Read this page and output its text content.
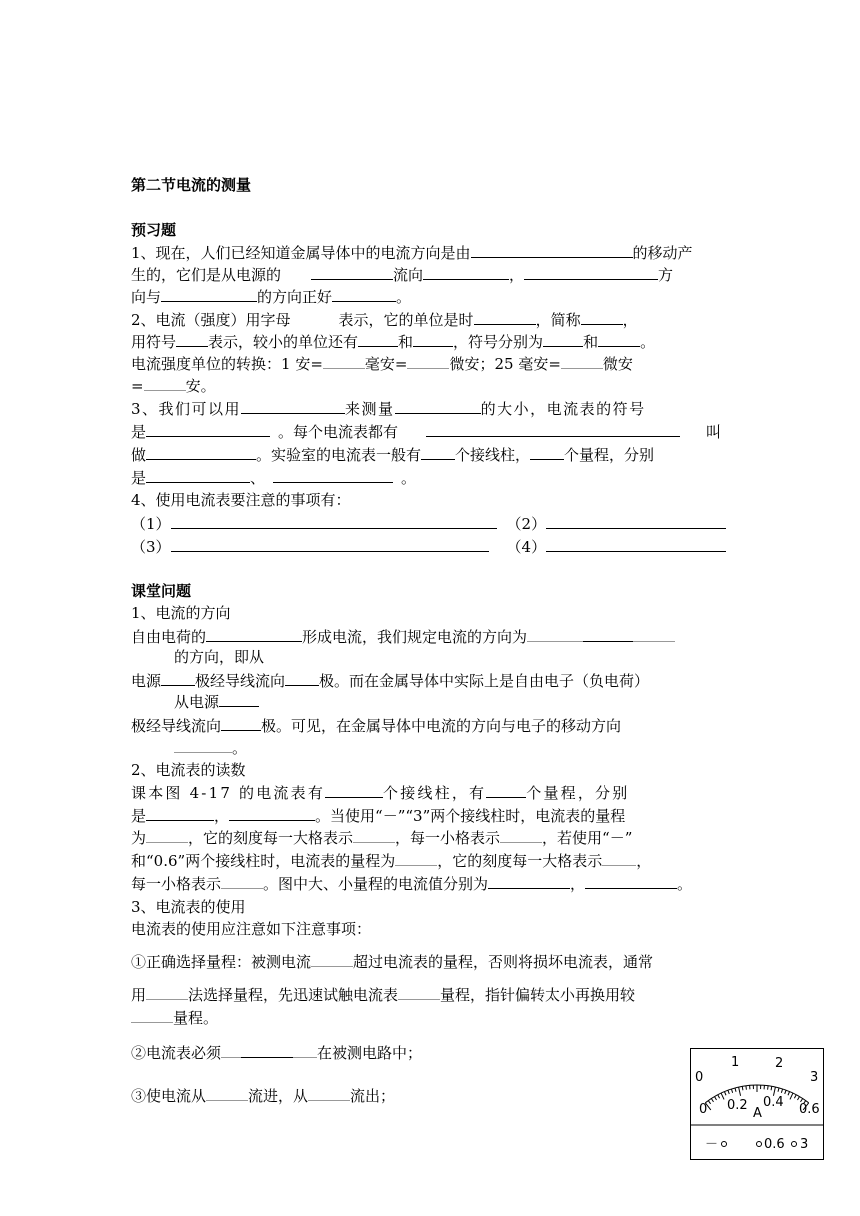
第二节电流的测量
预习题
1、现在，人们已经知道金属导体中的电流方向是由	的移动产
生的，它们是从电源的	流向	，	方
向与	的方向正好	。
2、电流（强度）用字母	表示，它的单位是时	，简称	，
用符号 表示，较小的单位还有	和	，符号分别为	和	。
电流强度单位的转换：1 安=	毫安=	微安；25 毫安=	微安
=	安。
3、我们可以用	来测量	的大小，电流表的符号
是	。每个电流表都有	叫
做	。实验室的电流表一般有 个接线柱， 个量程，分别
是	、	。
4、使用电流表要注意的事项有：
（1）	（2）
（3）	（4）
课堂问题
1、电流的方向
自由电荷的	形成电流，我们规定电流的方向为
的方向，即从
电源 极经导线流向 极。而在金属导体中实际上是自由电子（负电荷）
从电源
极经导线流向	极。可见，在金属导体中电流的方向与电子的移动方向
。
2、电流表的读数
课本图 4-17 的电流表有	个接线柱，有	个量程，分别
是	，	。当使用“－”“3”两个接线柱时，电流表的量程
为	，它的刻度每一大格表示	，每一小格表示	，若使用“－”
和“0.6”两个接线柱时，电流表的量程为	，它的刻度每一大格表示 ，
每一小格表示	。图中大、小量程的电流值分别为	，	。
3、电流表的使用
电流表的使用应注意如下注意事项：
①正确选择量程：被测电流	超过电流表的量程，否则将损坏电流表，通常
用	法选择量程，先迅速试触电流表	量程，指针偏转太小再换用较
量程。
②电流表必须	在被测电路中；
③使电流从	流进，从	流出；
0
1	2
3
0 0.2 0.4 0.6
A
－	0.6 3
